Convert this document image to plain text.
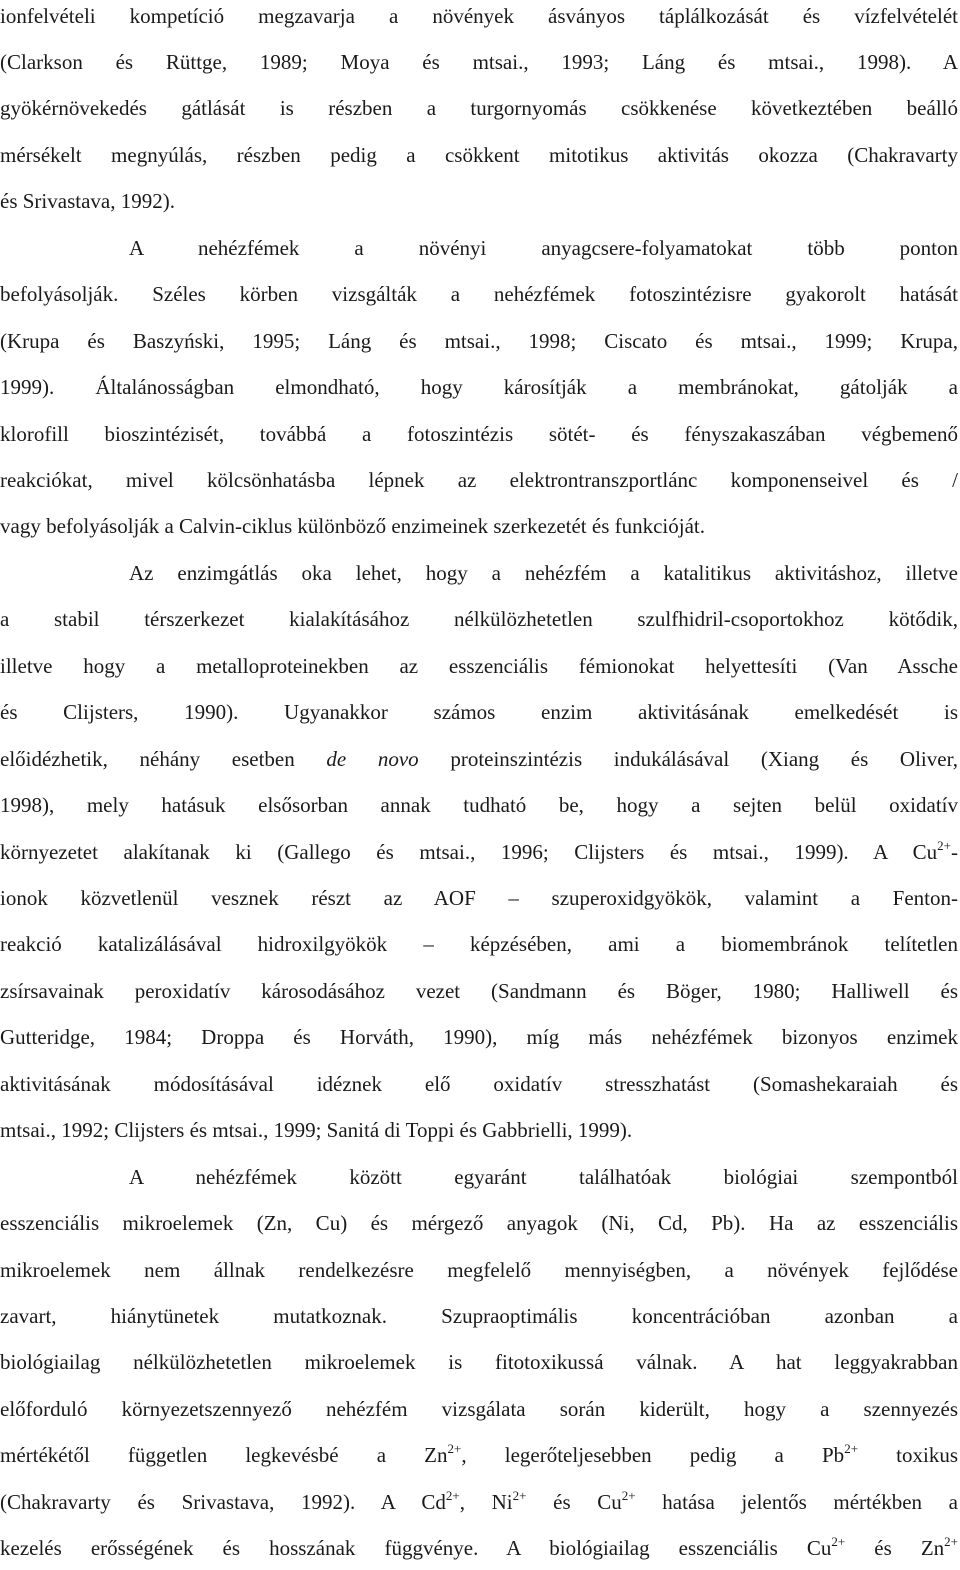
ionfelvételi kompetíció megzavarja a növények ásványos táplálkozását és vízfelvételét
(Clarkson és Rüttge, 1989; Moya és mtsai., 1993; Láng és mtsai., 1998). A
gyökérnövekedés gátlását is részben a turgornyomás csökkenése következtében beálló
mérsékelt megnyúlás, részben pedig a csökkent mitotikus aktivitás okozza (Chakravarty
és Srivastava, 1992).
A nehézfémek a növényi anyagcsere-folyamatokat több ponton
befolyásolják. Széles körben vizsgálták a nehézfémek fotoszintézisre gyakorolt hatását
(Krupa és Baszyński, 1995; Láng és mtsai., 1998; Ciscato és mtsai., 1999; Krupa,
1999). Általánosságban elmondható, hogy károsítják a membránokat, gátolják a
klorofill bioszintézisét, továbbá a fotoszintézis sötét- és fényszakaszában végbemenő
reakciókat, mivel kölcsönhatásba lépnek az elektrontranszportlánc komponenseivel és /
vagy befolyásolják a Calvin-ciklus különböző enzimeinek szerkezetét és funkcióját.
Az enzimgátlás oka lehet, hogy a nehézfém a katalitikus aktivitáshoz, illetve
a stabil térszerkezet kialakításához nélkülözhetetlen szulfhidril-csoportokhoz kötődik,
illetve hogy a metalloproteinekben az esszenciális fémionokat helyettesíti (Van Assche
és Clijsters, 1990). Ugyanakkor számos enzim aktivitásának emelkedését is
előidézhetik, néhány esetben de novo proteinszintézis indukálásával (Xiang és Oliver,
1998), mely hatásuk elsősorban annak tudható be, hogy a sejten belül oxidatív
környezetet alakítanak ki (Gallego és mtsai., 1996; Clijsters és mtsai., 1999). A $Cu^{2+}-$
ionok közvetlenül vesznek részt az AOF – szuperoxidgyökök, valamint a Fenton-
reakció katalizálásával hidroxilgyökök – képzésében, ami a biomembránok telítetlen
zsírsavainak peroxidatív károsodásához vezet (Sandmann és Böger, 1980; Halliwell és
Gutteridge, 1984; Droppa és Horváth, 1990), míg más nehézfémek bizonyos enzimek
aktivitásának módosításával idéznek elő oxidatív stresszhatást (Somashekaraiah és
mtsai., 1992; Clijsters és mtsai., 1999; Sanitá di Toppi és Gabbrielli, 1999).
A nehézfémek között egyaránt találhatóak biológiai szempontból
esszenciális mikroelemek (Zn, Cu) és mérgező anyagok (Ni, Cd, Pb). Ha az esszenciális
mikroelemek nem állnak rendelkezésre megfelelő mennyiségben, a növények fejlődése
zavart, hiánytünetek mutatkoznak. Szupraoptimális koncentrációban azonban a
biológiailag nélkülözhetetlen mikroelemek is fitotoxikussá válnak. A hat leggyakrabban
előforduló környezetszennyező nehézfém vizsgálata során kiderült, hogy a szennyezés
mértékétől független legkevésbé a $Zn^{2+}$, legerőteljesebben pedig a $Pb^{2+}$ toxikus
(Chakravarty és Srivastava, 1992). A $Cd^{2+}$, $Ni^{2+}$ és $Cu^{2+}$ hatása jelentős mértékben a
kezelés erősségének és hosszának függvénye. A biológiailag esszenciális $Cu^{2+}$ és $Zn^{2+}$
